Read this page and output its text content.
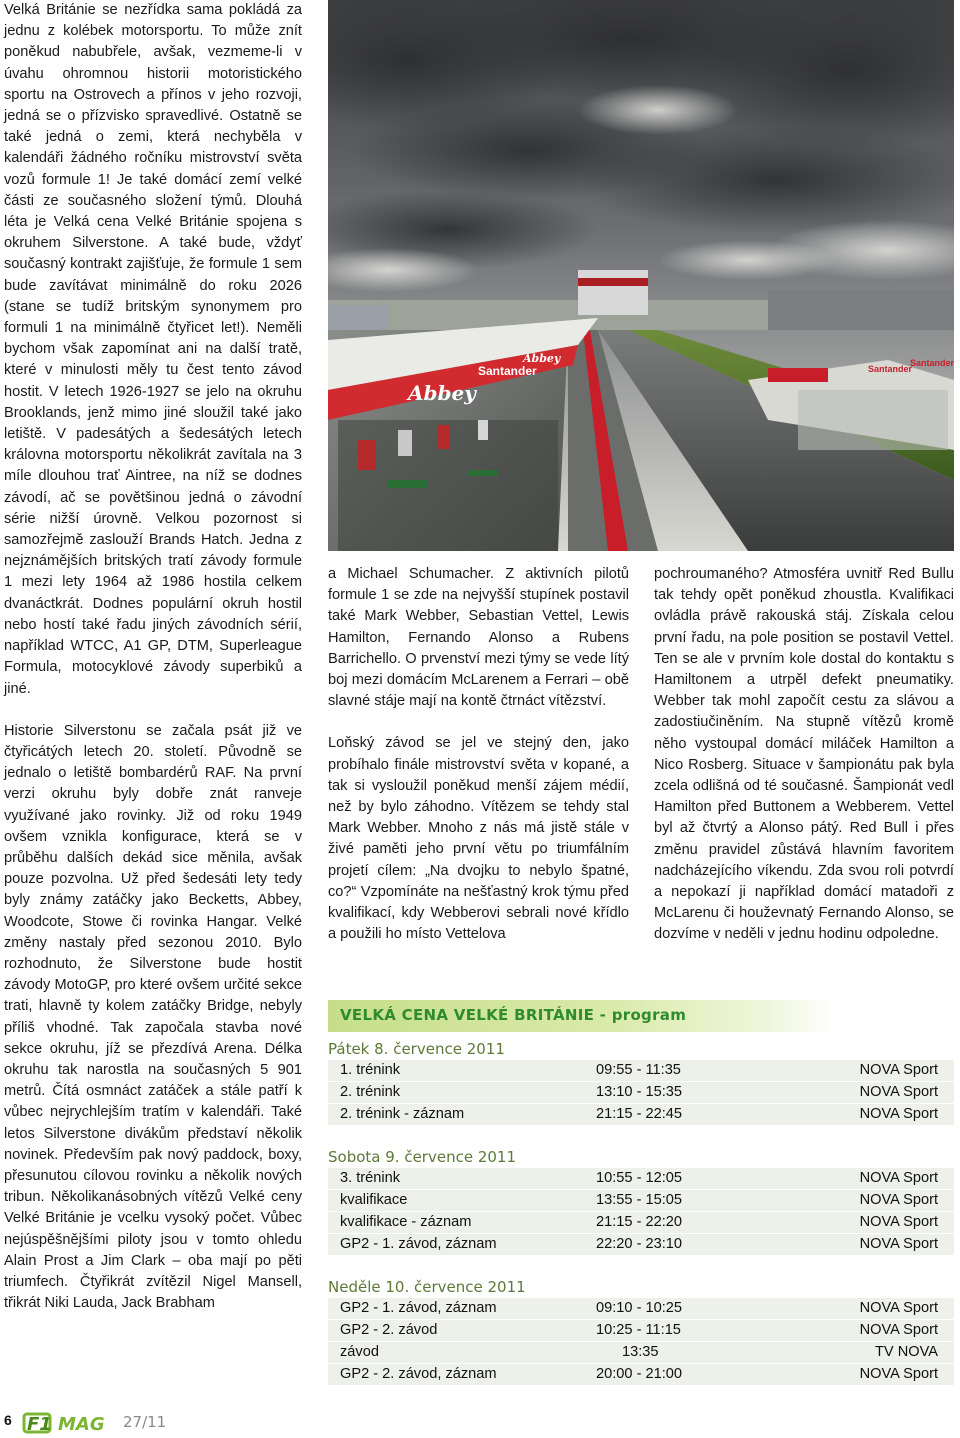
Velká Británie se nezřídka sama pokládá za jednu z kolébek motorsportu. To může znít poněkud nabubřele, avšak, vezmeme-li v úvahu ohromnou historii motoristického sportu na Ostrovech a přínos v jeho rozvoji, jedná se o přízvisko spravedlivé. Ostatně se také jedná o zemi, která nechyběla v kalendáři žádného ročníku mistrovství světa vozů formule 1! Je také domácí zemí velké části ze současného složení týmů. Dlouhá léta je Velká cena Velké Británie spojena s okruhem Silverstone. A také bude, vždyť současný kontrakt zajišťuje, že formule 1 sem bude zavítávat minimálně do roku 2026 (stane se tudíž britským synonymem pro formuli 1 na minimálně čtyřicet let!). Neměli bychom však zapomínat ani na další tratě, které v minulosti měly tu čest tento závod hostit. V letech 1926-1927 se jelo na okruhu Brooklands, jenž mimo jiné sloužil také jako letiště. V padesátých a šedesátých letech královna motorsportu několikrát zavítala na 3 míle dlouhou trať Aintree, na níž se dodnes závodí, ač se povětšinou jedná o závodní série nižší úrovně. Velkou pozornost si samozřejmě zaslouží Brands Hatch. Jedna z nejznámějších britských tratí závody formule 1 mezi lety 1964 až 1986 hostila celkem dvanáctkrát. Dodnes populární okruh hostil nebo hostí také řadu jiných závodních sérií, například WTCC, A1 GP, DTM, Superleague Formula, motocyklové závody superbiků a jiné.

Historie Silverstonu se začala psát již ve čtyřicátých letech 20. století. Původně se jednalo o letiště bombardérů RAF. Na první verzi okruhu byly dobře znát ranveje využívané jako rovinky. Již od roku 1949 ovšem vznikla konfigurace, která se v průběhu dalších dekád sice měnila, avšak pouze pozvolna. Už před šedesáti lety tedy byly známy zatáčky jako Becketts, Abbey, Woodcote, Stowe či rovinka Hangar. Velké změny nastaly před sezonou 2010. Bylo rozhodnuto, že Silverstone bude hostit závody MotoGP, pro které ovšem určité sekce trati, hlavně ty kolem zatáčky Bridge, nebyly příliš vhodné. Tak započala stavba nové sekce okruhu, jíž se přezdívá Arena. Délka okruhu tak narostla na současných 5 901 metrů. Čítá osmnáct zatáček a stále patří k vůbec nejrychlejším tratím v kalendáři. Také letos Silverstone divákům představí několik novinek. Především pak nový paddock, boxy, přesunutou cílovou rovinku a několik nových tribun. Několikanásobných vítězů Velké ceny Velké Británie je vcelku vysoký počet. Vůbec nejúspěšnějšími piloty jsou v tomto ohledu Alain Prost a Jim Clark – oba mají po pěti triumfech. Čtyřikrát zvítězil Nigel Mansell, třikrát Niki Lauda, Jack Brabham

Abbey
Santander
Abbey
Santander
Santander

a Michael Schumacher. Z aktivních pilotů formule 1 se zde na nejvyšší stupínek postavil také Mark Webber, Sebastian Vettel, Lewis Hamilton, Fernando Alonso a Rubens Barrichello. O prvenství mezi týmy se vede lítý boj mezi domácím McLarenem a Ferrari – obě slavné stáje mají na kontě čtrnáct vítězství.

Loňský závod se jel ve stejný den, jako probíhalo finále mistrovství světa v kopané, a tak si vysloužil poněkud menší zájem médií, než by bylo záhodno. Vítězem se tehdy stal Mark Webber. Mnoho z nás má jistě stále v živé paměti jeho první větu po triumfálním projetí cílem: „Na dvojku to nebylo špatné, co?“ Vzpomínáte na nešťastný krok týmu před kvalifikací, kdy Webberovi sebrali nové křídlo a použili ho místo Vettelova

pochroumaného? Atmosféra uvnitř Red Bullu tak tehdy opět poněkud zhoustla. Kvalifikaci ovládla právě rakouská stáj. Získala celou první řadu, na pole position se postavil Vettel. Ten se ale v prvním kole dostal do kontaktu s Hamiltonem a utrpěl defekt pneumatiky. Webber tak mohl započít cestu za slávou a zadostiučiněním. Na stupně vítězů kromě něho vystoupal domácí miláček Hamilton a Nico Rosberg. Situace v šampionátu pak byla zcela odlišná od té současné. Šampionát vedl Hamilton před Buttonem a Webberem. Vettel byl až čtvrtý a Alonso pátý. Red Bull i přes změnu pravidel zůstává hlavním favoritem nadcházejícího víkendu. Zda svou roli potvrdí a nepokazí ji například domácí matadoři z McLarenu či houževnatý Fernando Alonso, se dozvíme v neděli v jednu hodinu odpoledne.

VELKÁ CENA VELKÉ BRITÁNIE - program
Pátek 8. července 2011
1. trénink	09:55 - 11:35	NOVA Sport
2. trénink	13:10 - 15:35	NOVA Sport
2. trénink - záznam	21:15 - 22:45	NOVA Sport
Sobota 9. července 2011
3. trénink	10:55 - 12:05	NOVA Sport
kvalifikace	13:55 - 15:05	NOVA Sport
kvalifikace - záznam	21:15 - 22:20	NOVA Sport
GP2 - 1. závod, záznam	22:20 - 23:10	NOVA Sport
Neděle 10. července 2011
GP2 - 1. závod, záznam	09:10 - 10:25	NOVA Sport
GP2 - 2. závod	10:25 - 11:15	NOVA Sport
závod	13:35	TV NOVA
GP2 - 2. závod, záznam	20:00 - 21:00	NOVA Sport
6 F1 MAG 27/11
